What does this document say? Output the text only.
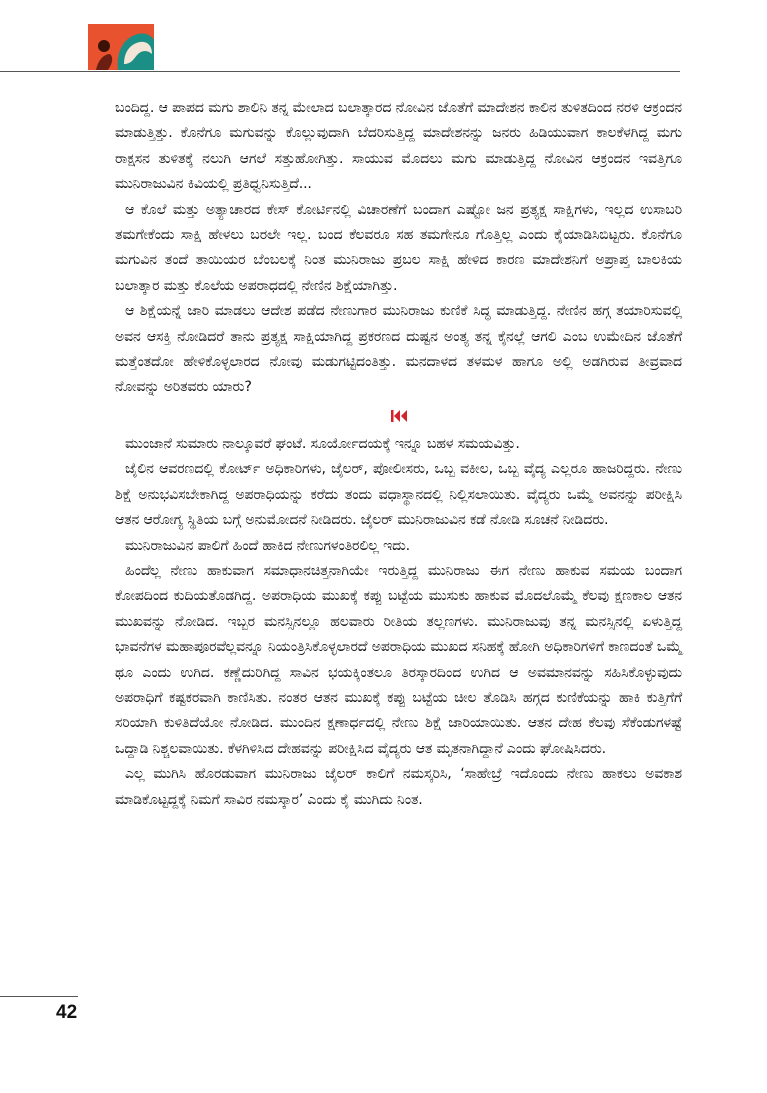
ಬಂದಿದ್ದ. ಆ ಪಾಪದ ಮಗು ಶಾಲಿನಿ ತನ್ನ ಮೇಲಾದ ಬಲಾತ್ಕಾರದ ನೋವಿನ ಜೊತೆಗೆ ಮಾದೇಶನ ಕಾಲಿನ ತುಳಿತದಿಂದ ನರಳಿ ಆಕ್ರಂದನ ಮಾಡುತ್ತಿತ್ತು. ಕೊನೆಗೂ ಮಗುವನ್ನು ಕೊಲ್ಲುವುದಾಗಿ ಬೆದರಿಸುತ್ತಿದ್ದ ಮಾದೇಶನನ್ನು ಜನರು ಹಿಡಿಯುವಾಗ ಕಾಲಕೆಳಗಿದ್ದ ಮಗು ರಾಕ್ಷಸನ ತುಳಿತಕ್ಕೆ ನಲುಗಿ ಆಗಲೆ ಸತ್ತುಹೋಗಿತ್ತು. ಸಾಯುವ ಮೊದಲು ಮಗು ಮಾಡುತ್ತಿದ್ದ ನೋವಿನ ಆಕ್ರಂದನ ಇವತ್ತಿಗೂ ಮುನಿರಾಜುವಿನ ಕಿವಿಯಲ್ಲಿ ಪ್ರತಿಧ್ವನಿಸುತ್ತಿದೆ...

ಆ ಕೊಲೆ ಮತ್ತು ಅತ್ಯಾಚಾರದ ಕೇಸ್ ಕೋರ್ಟಿನಲ್ಲಿ ವಿಚಾರಣೆಗೆ ಬಂದಾಗ ಎಷ್ಟೋ ಜನ ಪ್ರತ್ಯಕ್ಷ ಸಾಕ್ಷಿಗಳು, ಇಲ್ಲದ ಉಸಾಬರಿ ತಮಗೇಕೆಂದು ಸಾಕ್ಷಿ ಹೇಳಲು ಬರಲೇ ಇಲ್ಲ. ಬಂದ ಕೆಲವರೂ ಸಹ ತಮಗೇನೂ ಗೊತ್ತಿಲ್ಲ ಎಂದು ಕೈಯಾಡಿಸಿಬಿಟ್ಟರು. ಕೊನೆಗೂ ಮಗುವಿನ ತಂದೆ ತಾಯಿಯರ ಬೆಂಬಲಕ್ಕೆ ನಿಂತ ಮುನಿರಾಜು ಪ್ರಬಲ ಸಾಕ್ಷಿ ಹೇಳಿದ ಕಾರಣ ಮಾದೇಶನಿಗೆ ಅಪ್ರಾಪ್ತ ಬಾಲಕಿಯ ಬಲಾತ್ಕಾರ ಮತ್ತು ಕೊಲೆಯ ಅಪರಾಧದಲ್ಲಿ ನೇಣಿನ ಶಿಕ್ಷೆಯಾಗಿತ್ತು.

ಆ ಶಿಕ್ಷೆಯನ್ನೆ ಜಾರಿ ಮಾಡಲು ಆದೇಶ ಪಡೆದ ನೇಣುಗಾರ ಮುನಿರಾಜು ಕುಣಿಕೆ ಸಿದ್ಧ ಮಾಡುತ್ತಿದ್ದ. ನೇಣಿನ ಹಗ್ಗ ತಯಾರಿಸುವಲ್ಲಿ ಅವನ ಆಸಕ್ತಿ ನೋಡಿದರೆ ತಾನು ಪ್ರತ್ಯಕ್ಷ ಸಾಕ್ಷಿಯಾಗಿದ್ದ ಪ್ರಕರಣದ ದುಷ್ಟನ ಅಂತ್ಯ ತನ್ನ ಕೈನಲ್ಲೆ ಆಗಲಿ ಎಂಬ ಉಮೇದಿನ ಜೊತೆಗೆ ಮತ್ತೆಂತದೋ ಹೇಳಿಕೊಳ್ಳಲಾರದ ನೋವು ಮಡುಗಟ್ಟಿದಂತಿತ್ತು. ಮನದಾಳದ ತಳಮಳ ಹಾಗೂ ಅಲ್ಲಿ ಅಡಗಿರುವ ತೀವ್ರವಾದ ನೋವನ್ನು ಅರಿತವರು ಯಾರು?

ಮುಂಜಾನೆ ಸುಮಾರು ನಾಲ್ಕೂವರೆ ಘಂಟೆ. ಸೂರ್ಯೋದಯಕ್ಕೆ ಇನ್ನೂ ಬಹಳ ಸಮಯವಿತ್ತು.

ಜೈಲಿನ ಆವರಣದಲ್ಲಿ ಕೋರ್ಟ್ ಅಧಿಕಾರಿಗಳು, ಜೈಲರ್, ಪೋಲೀಸರು, ಒಬ್ಬ ವಕೀಲ, ಒಬ್ಬ ವೈದ್ಯ ಎಲ್ಲರೂ ಹಾಜರಿದ್ದರು. ನೇಣು ಶಿಕ್ಷೆ ಅನುಭವಿಸಬೇಕಾಗಿದ್ದ ಅಪರಾಧಿಯನ್ನು ಕರೆದು ತಂದು ವಧಾಸ್ಥಾನದಲ್ಲಿ ನಿಲ್ಲಿಸಲಾಯಿತು. ವೈದ್ಯರು ಒಮ್ಮೆ ಅವನನ್ನು ಪರೀಕ್ಷಿಸಿ ಆತನ ಆರೋಗ್ಯ ಸ್ಥಿತಿಯ ಬಗ್ಗೆ ಅನುಮೋದನೆ ನೀಡಿದರು. ಜೈಲರ್ ಮುನಿರಾಜುವಿನ ಕಡೆ ನೋಡಿ ಸೂಚನೆ ನೀಡಿದರು.

ಮುನಿರಾಜುವಿನ ಪಾಲಿಗೆ ಹಿಂದೆ ಹಾಕಿದ ನೇಣುಗಳಂತಿರಲಿಲ್ಲ ಇದು.

ಹಿಂದೆಲ್ಲ ನೇಣು ಹಾಕುವಾಗ ಸಮಾಧಾನಚಿತ್ತನಾಗಿಯೇ ಇರುತ್ತಿದ್ದ ಮುನಿರಾಜು ಈಗ ನೇಣು ಹಾಕುವ ಸಮಯ ಬಂದಾಗ ಕೋಪದಿಂದ ಕುದಿಯತೊಡಗಿದ್ದ. ಅಪರಾಧಿಯ ಮುಖಕ್ಕೆ ಕಪ್ಪು ಬಟ್ಟೆಯ ಮುಸುಕು ಹಾಕುವ ಮೊದಲೊಮ್ಮೆ ಕೆಲವು ಕ್ಷಣಕಾಲ ಆತನ ಮುಖವನ್ನು ನೋಡಿದ. ಇಬ್ಬರ ಮನಸ್ಸಿನಲ್ಲೂ ಹಲವಾರು ರೀತಿಯ ತಲ್ಲಣಗಳು. ಮುನಿರಾಜುವು ತನ್ನ ಮನಸ್ಸಿನಲ್ಲಿ ಏಳುತ್ತಿದ್ದ ಭಾವನೆಗಳ ಮಹಾಪೂರವೆಲ್ಲವನ್ನೂ ನಿಯಂತ್ರಿಸಿಕೊಳ್ಳಲಾರದೆ ಅಪರಾಧಿಯ ಮುಖದ ಸನಿಹಕ್ಕೆ ಹೋಗಿ ಅಧಿಕಾರಿಗಳಿಗೆ ಕಾಣದಂತೆ ಒಮ್ಮೆ ಥೂ ಎಂದು ಉಗಿದ. ಕಣ್ಣೆದುರಿಗಿದ್ದ ಸಾವಿನ ಭಯಕ್ಕಿಂತಲೂ ತಿರಸ್ಕಾರದಿಂದ ಉಗಿದ ಆ ಅವಮಾನವನ್ನು ಸಹಿಸಿಕೊಳ್ಳುವುದು ಅಪರಾಧಿಗೆ ಕಷ್ಟಕರವಾಗಿ ಕಾಣಿಸಿತು. ನಂತರ ಆತನ ಮುಖಕ್ಕೆ ಕಪ್ಪು ಬಟ್ಟೆಯ ಚೀಲ ತೊಡಿಸಿ ಹಗ್ಗದ ಕುಣಿಕೆಯನ್ನು ಹಾಕಿ ಕುತ್ತಿಗೆಗೆ ಸರಿಯಾಗಿ ಕುಳಿತಿದೆಯೋ ನೋಡಿದ. ಮುಂದಿನ ಕ್ಷಣಾರ್ಧದಲ್ಲಿ ನೇಣು ಶಿಕ್ಷೆ ಜಾರಿಯಾಯಿತು. ಆತನ ದೇಹ ಕೆಲವು ಸೆಕೆಂಡುಗಳಷ್ಟೆ ಒದ್ದಾಡಿ ನಿಶ್ಚಲವಾಯಿತು. ಕೆಳಗಿಳಿಸಿದ ದೇಹವನ್ನು ಪರೀಕ್ಷಿಸಿದ ವೈದ್ಯರು ಆತ ಮೃತನಾಗಿದ್ದಾನೆ ಎಂದು ಘೋಷಿಸಿದರು.

ಎಲ್ಲ ಮುಗಿಸಿ ಹೊರಡುವಾಗ ಮುನಿರಾಜು ಜೈಲರ್ ಕಾಲಿಗೆ ನಮಸ್ಕರಿಸಿ, ‘ಸಾಹೇಬ್ರೆ ಇದೊಂದು ನೇಣು ಹಾಕಲು ಅವಕಾಶ ಮಾಡಿಕೊಟ್ಟದ್ದಕ್ಕೆ ನಿಮಗೆ ಸಾವಿರ ನಮಸ್ಕಾರ’ ಎಂದು ಕೈ ಮುಗಿದು ನಿಂತ.

42
